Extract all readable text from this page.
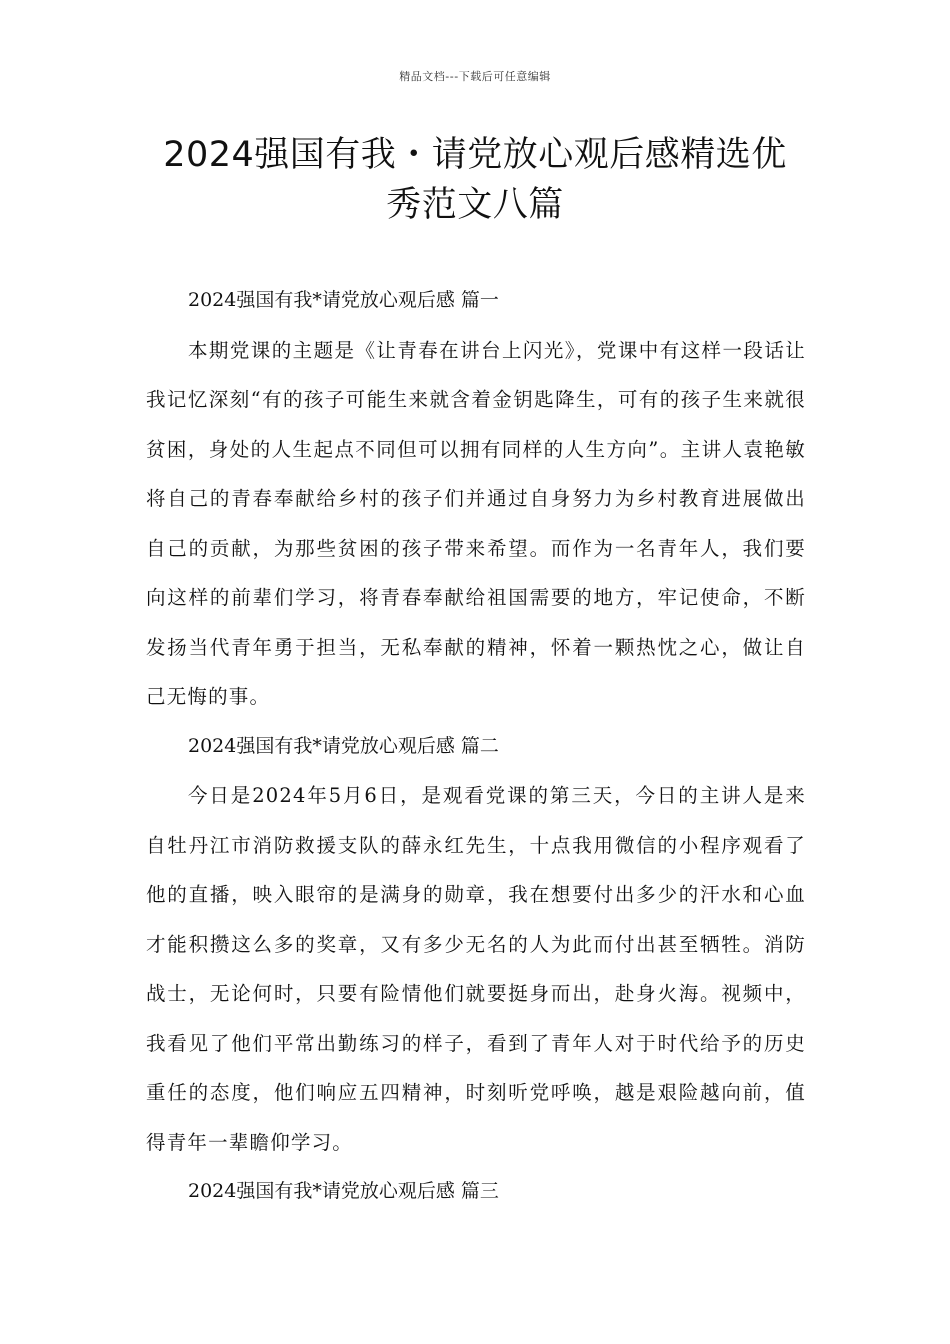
精品文档---下载后可任意编辑
2024强国有我・请党放心观后感精选优
秀范文八篇

2024强国有我*请党放心观后感 篇一

本期党课的主题是《让青春在讲台上闪光》，党课中有这样一段话让我记忆深刻“有的孩子可能生来就含着金钥匙降生，可有的孩子生来就很贫困，身处的人生起点不同但可以拥有同样的人生方向”。主讲人袁艳敏将自己的青春奉献给乡村的孩子们并通过自身努力为乡村教育进展做出自己的贡献，为那些贫困的孩子带来希望。而作为一名青年人，我们要向这样的前辈们学习，将青春奉献给祖国需要的地方，牢记使命，不断发扬当代青年勇于担当，无私奉献的精神，怀着一颗热忱之心，做让自己无悔的事。

2024强国有我*请党放心观后感 篇二

今日是2024年5月6日，是观看党课的第三天，今日的主讲人是来自牡丹江市消防救援支队的薛永红先生，十点我用微信的小程序观看了他的直播，映入眼帘的是满身的勋章，我在想要付出多少的汗水和心血才能积攒这么多的奖章，又有多少无名的人为此而付出甚至牺牲。消防战士，无论何时，只要有险情他们就要挺身而出，赴身火海。视频中，我看见了他们平常出勤练习的样子，看到了青年人对于时代给予的历史重任的态度，他们响应五四精神，时刻听党呼唤，越是艰险越向前，值得青年一辈瞻仰学习。

2024强国有我*请党放心观后感 篇三
